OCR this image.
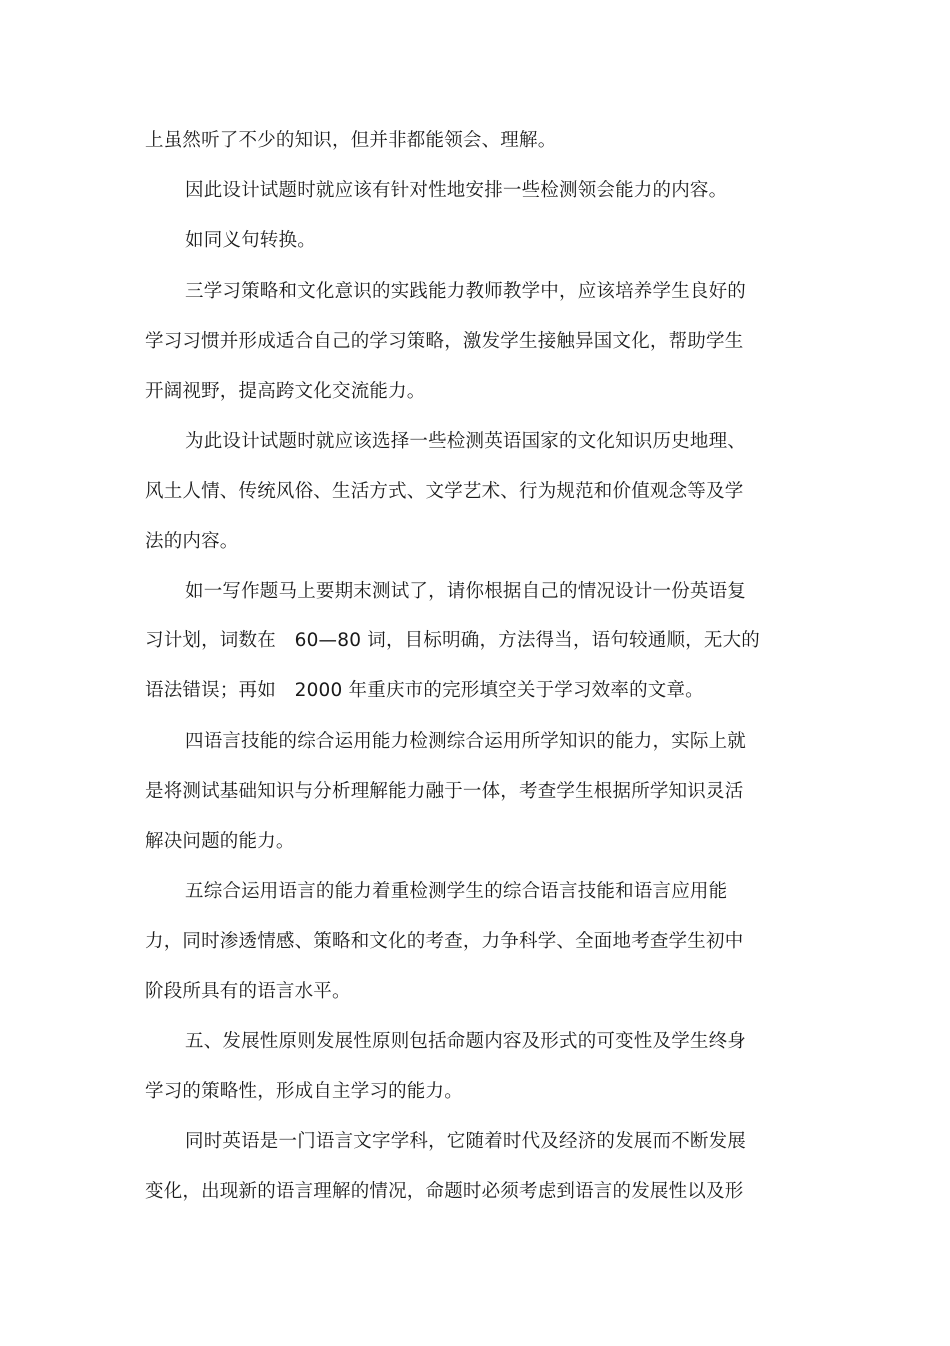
上虽然听了不少的知识，但并非都能领会、理解。
因此设计试题时就应该有针对性地安排一些检测领会能力的内容。
如同义句转换。
三学习策略和文化意识的实践能力教师教学中，应该培养学生良好的
学习习惯并形成适合自己的学习策略，激发学生接触异国文化，帮助学生
开阔视野，提高跨文化交流能力。
为此设计试题时就应该选择一些检测英语国家的文化知识历史地理、
风土人情、传统风俗、生活方式、文学艺术、行为规范和价值观念等及学
法的内容。
如一写作题马上要期末测试了，请你根据自己的情况设计一份英语复
习计划，词数在　60—80 词，目标明确，方法得当，语句较通顺，无大的
语法错误；再如　2000 年重庆市的完形填空关于学习效率的文章。
四语言技能的综合运用能力检测综合运用所学知识的能力，实际上就
是将测试基础知识与分析理解能力融于一体，考查学生根据所学知识灵活
解决问题的能力。
五综合运用语言的能力着重检测学生的综合语言技能和语言应用能
力，同时渗透情感、策略和文化的考查，力争科学、全面地考查学生初中
阶段所具有的语言水平。
五、发展性原则发展性原则包括命题内容及形式的可变性及学生终身
学习的策略性，形成自主学习的能力。
同时英语是一门语言文字学科，它随着时代及经济的发展而不断发展
变化，出现新的语言理解的情况，命题时必须考虑到语言的发展性以及形
